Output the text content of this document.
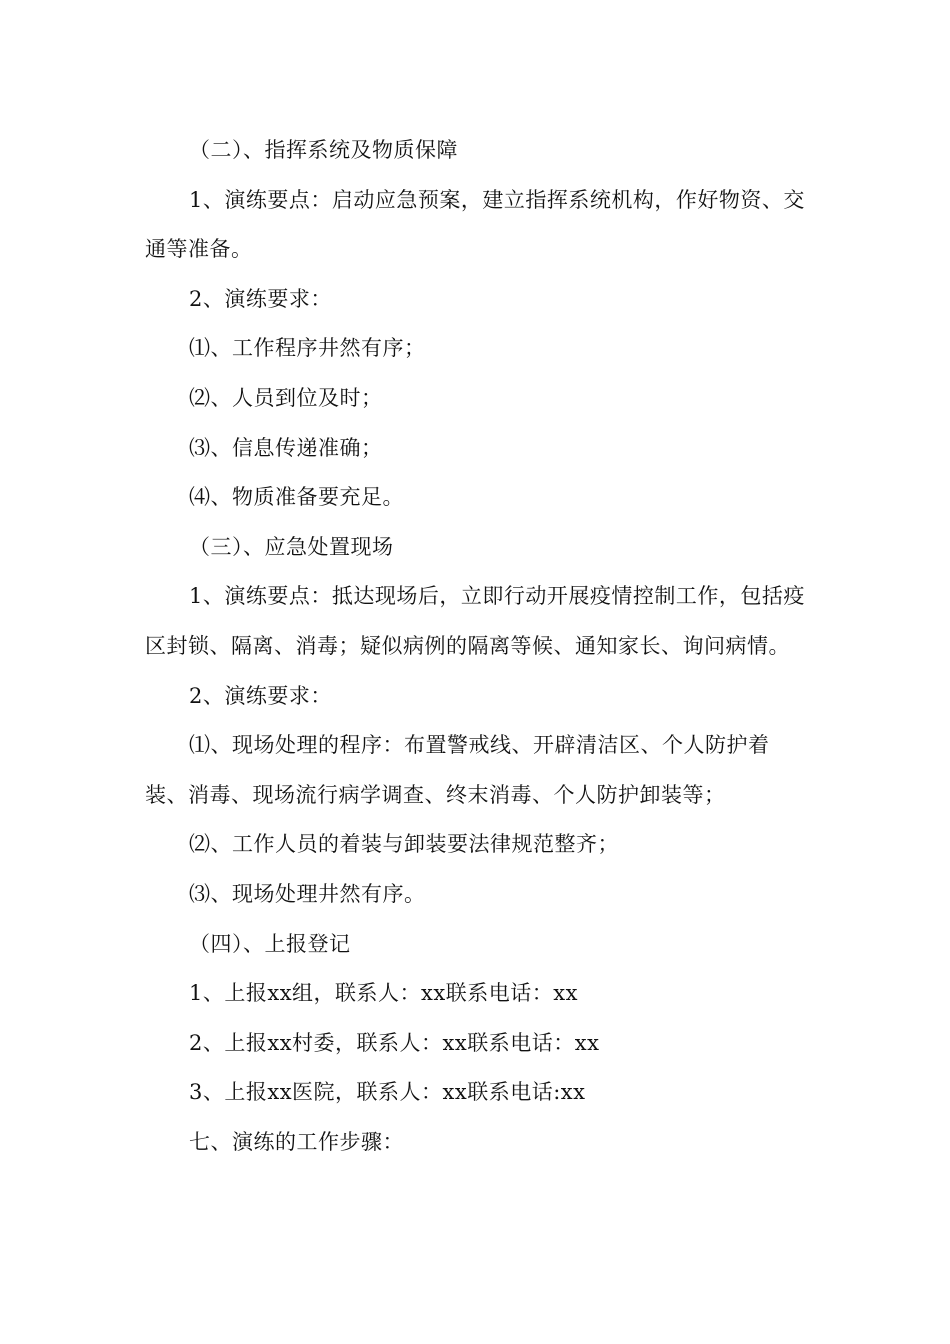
（二）、指挥系统及物质保障

1、演练要点：启动应急预案，建立指挥系统机构，作好物资、交通等准备。

2、演练要求：

⑴、工作程序井然有序；

⑵、人员到位及时；

⑶、信息传递准确；

⑷、物质准备要充足。

（三）、应急处置现场

1、演练要点：抵达现场后，立即行动开展疫情控制工作，包括疫区封锁、隔离、消毒；疑似病例的隔离等候、通知家长、询问病情。

2、演练要求：

⑴、现场处理的程序：布置警戒线、开辟清洁区、个人防护着装、消毒、现场流行病学调查、终末消毒、个人防护卸装等；

⑵、工作人员的着装与卸装要法律规范整齐；

⑶、现场处理井然有序。

（四）、上报登记

1、上报xx组，联系人：xx联系电话：xx

2、上报xx村委，联系人：xx联系电话：xx

3、上报xx医院，联系人：xx联系电话:xx

七、演练的工作步骤：
